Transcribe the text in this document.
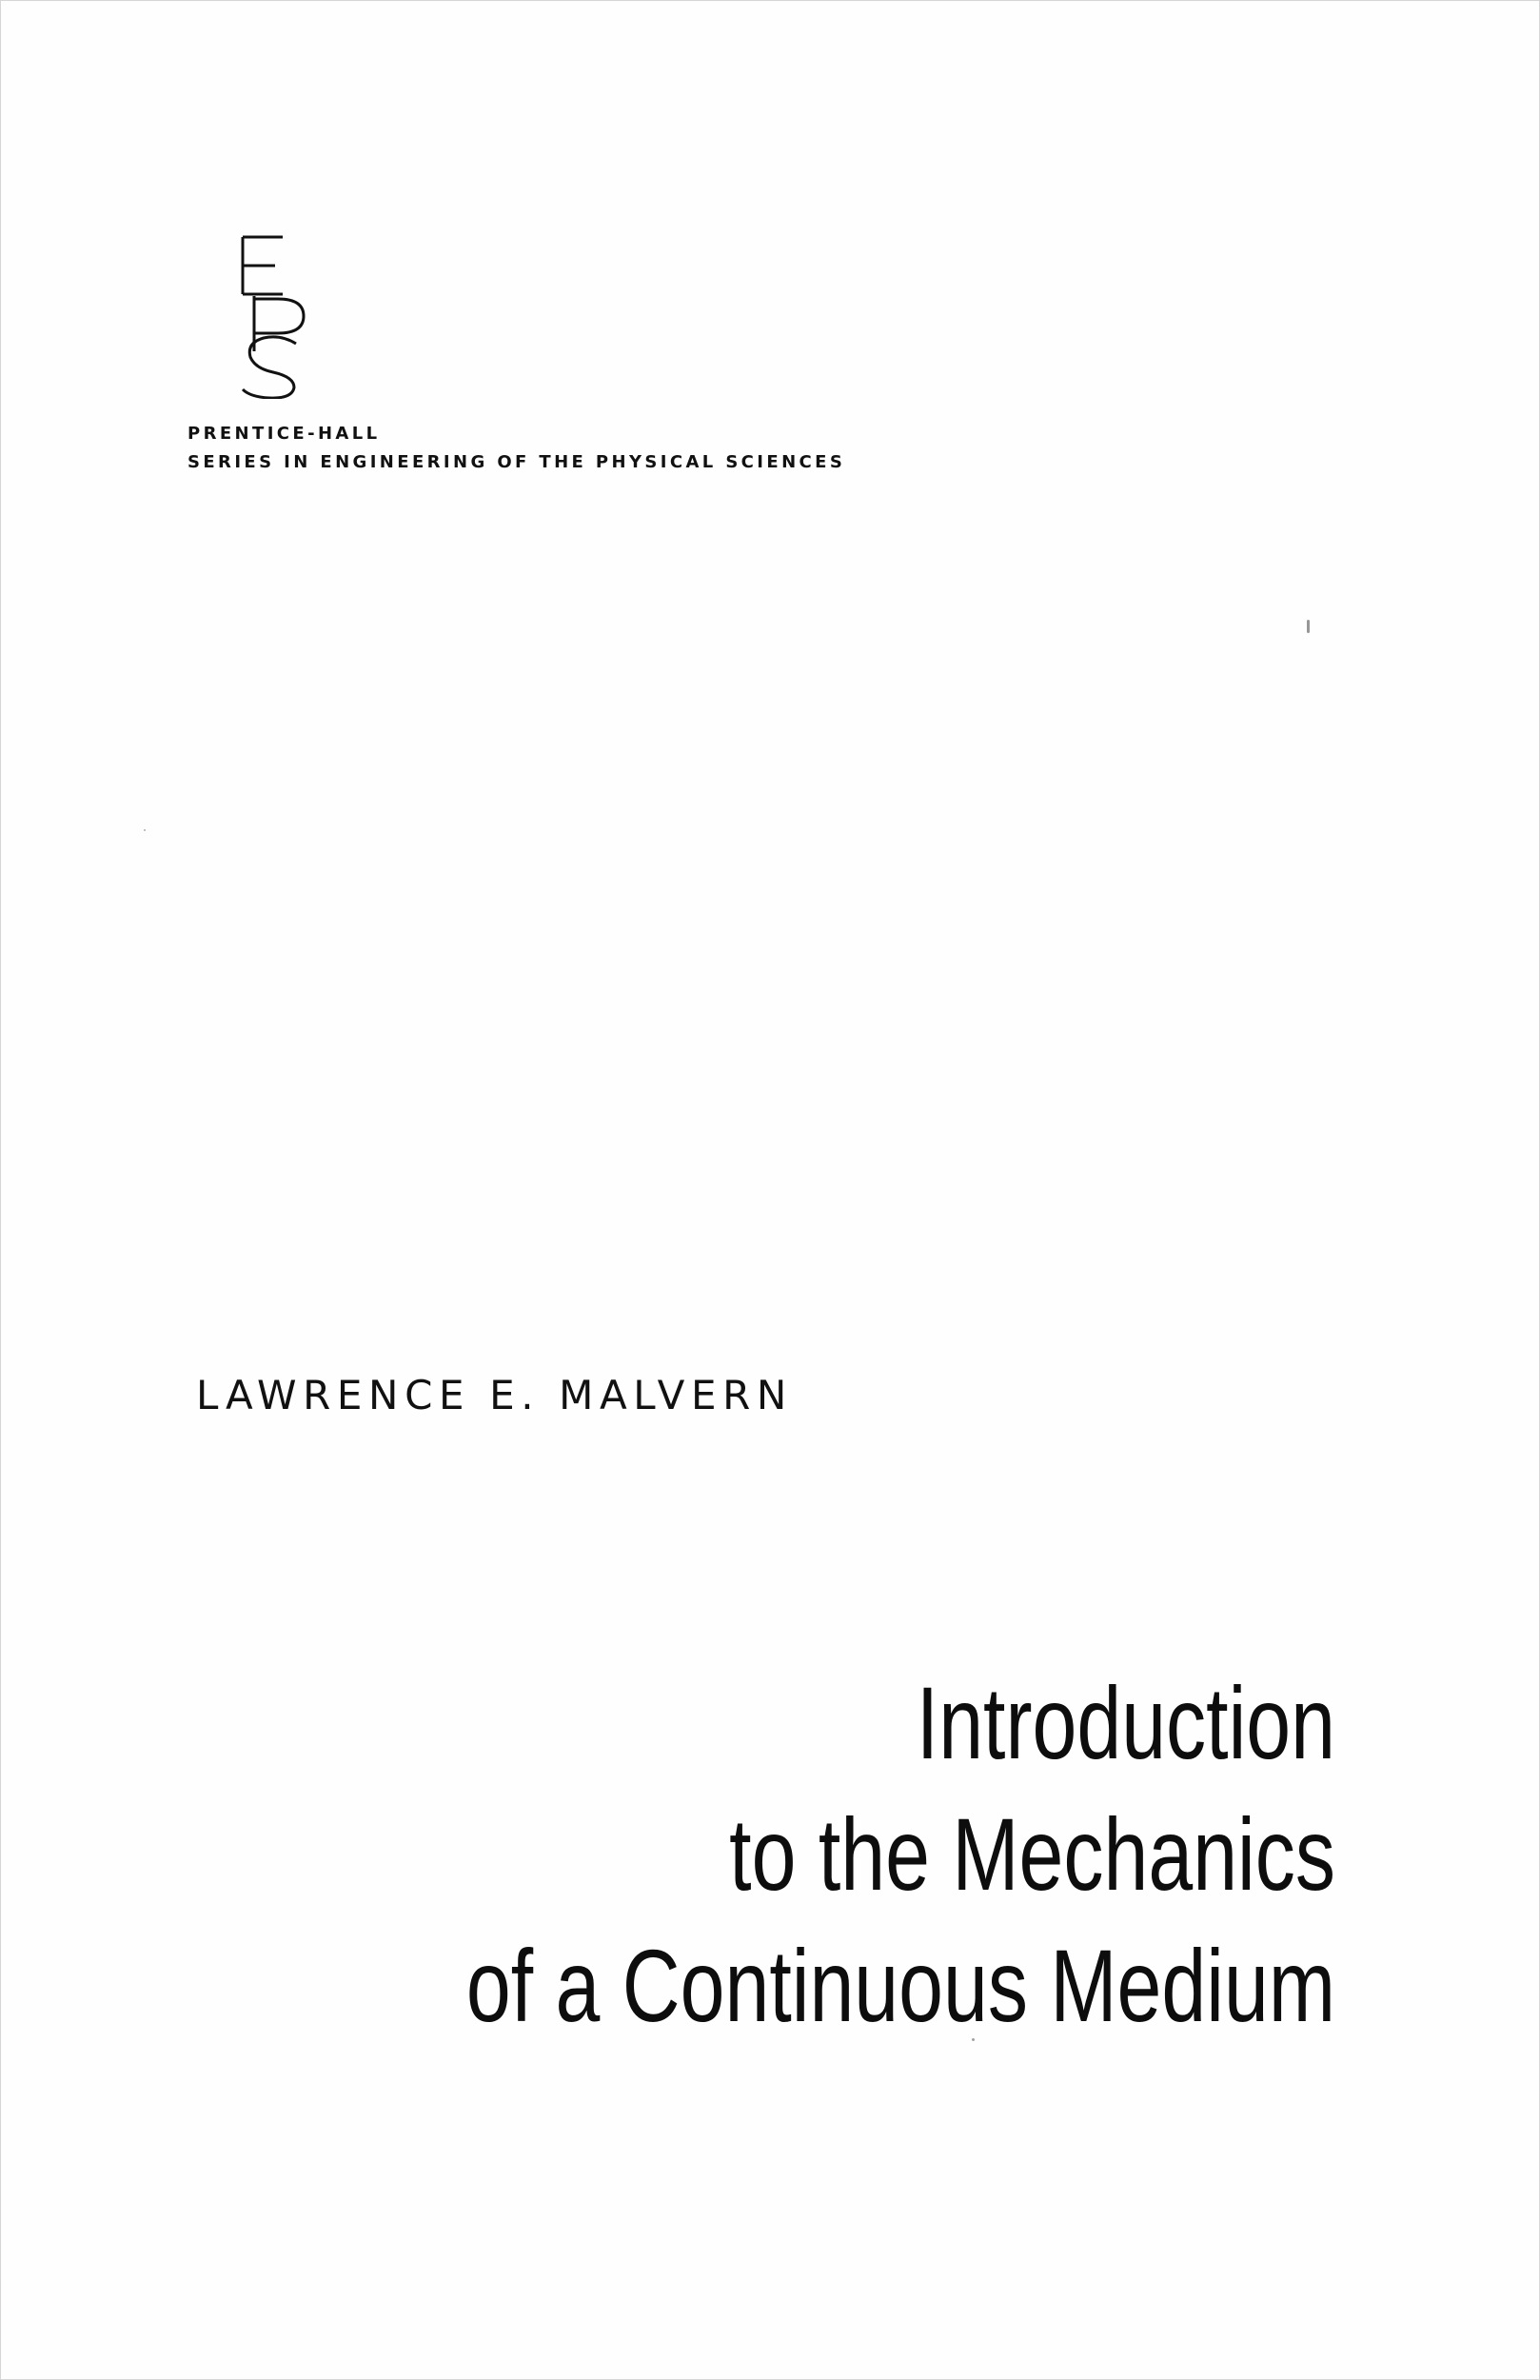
PRENTICE-HALL
SERIES IN ENGINEERING OF THE PHYSICAL SCIENCES
LAWRENCE E. MALVERN
Introduction
to the Mechanics
of a Continuous Medium
